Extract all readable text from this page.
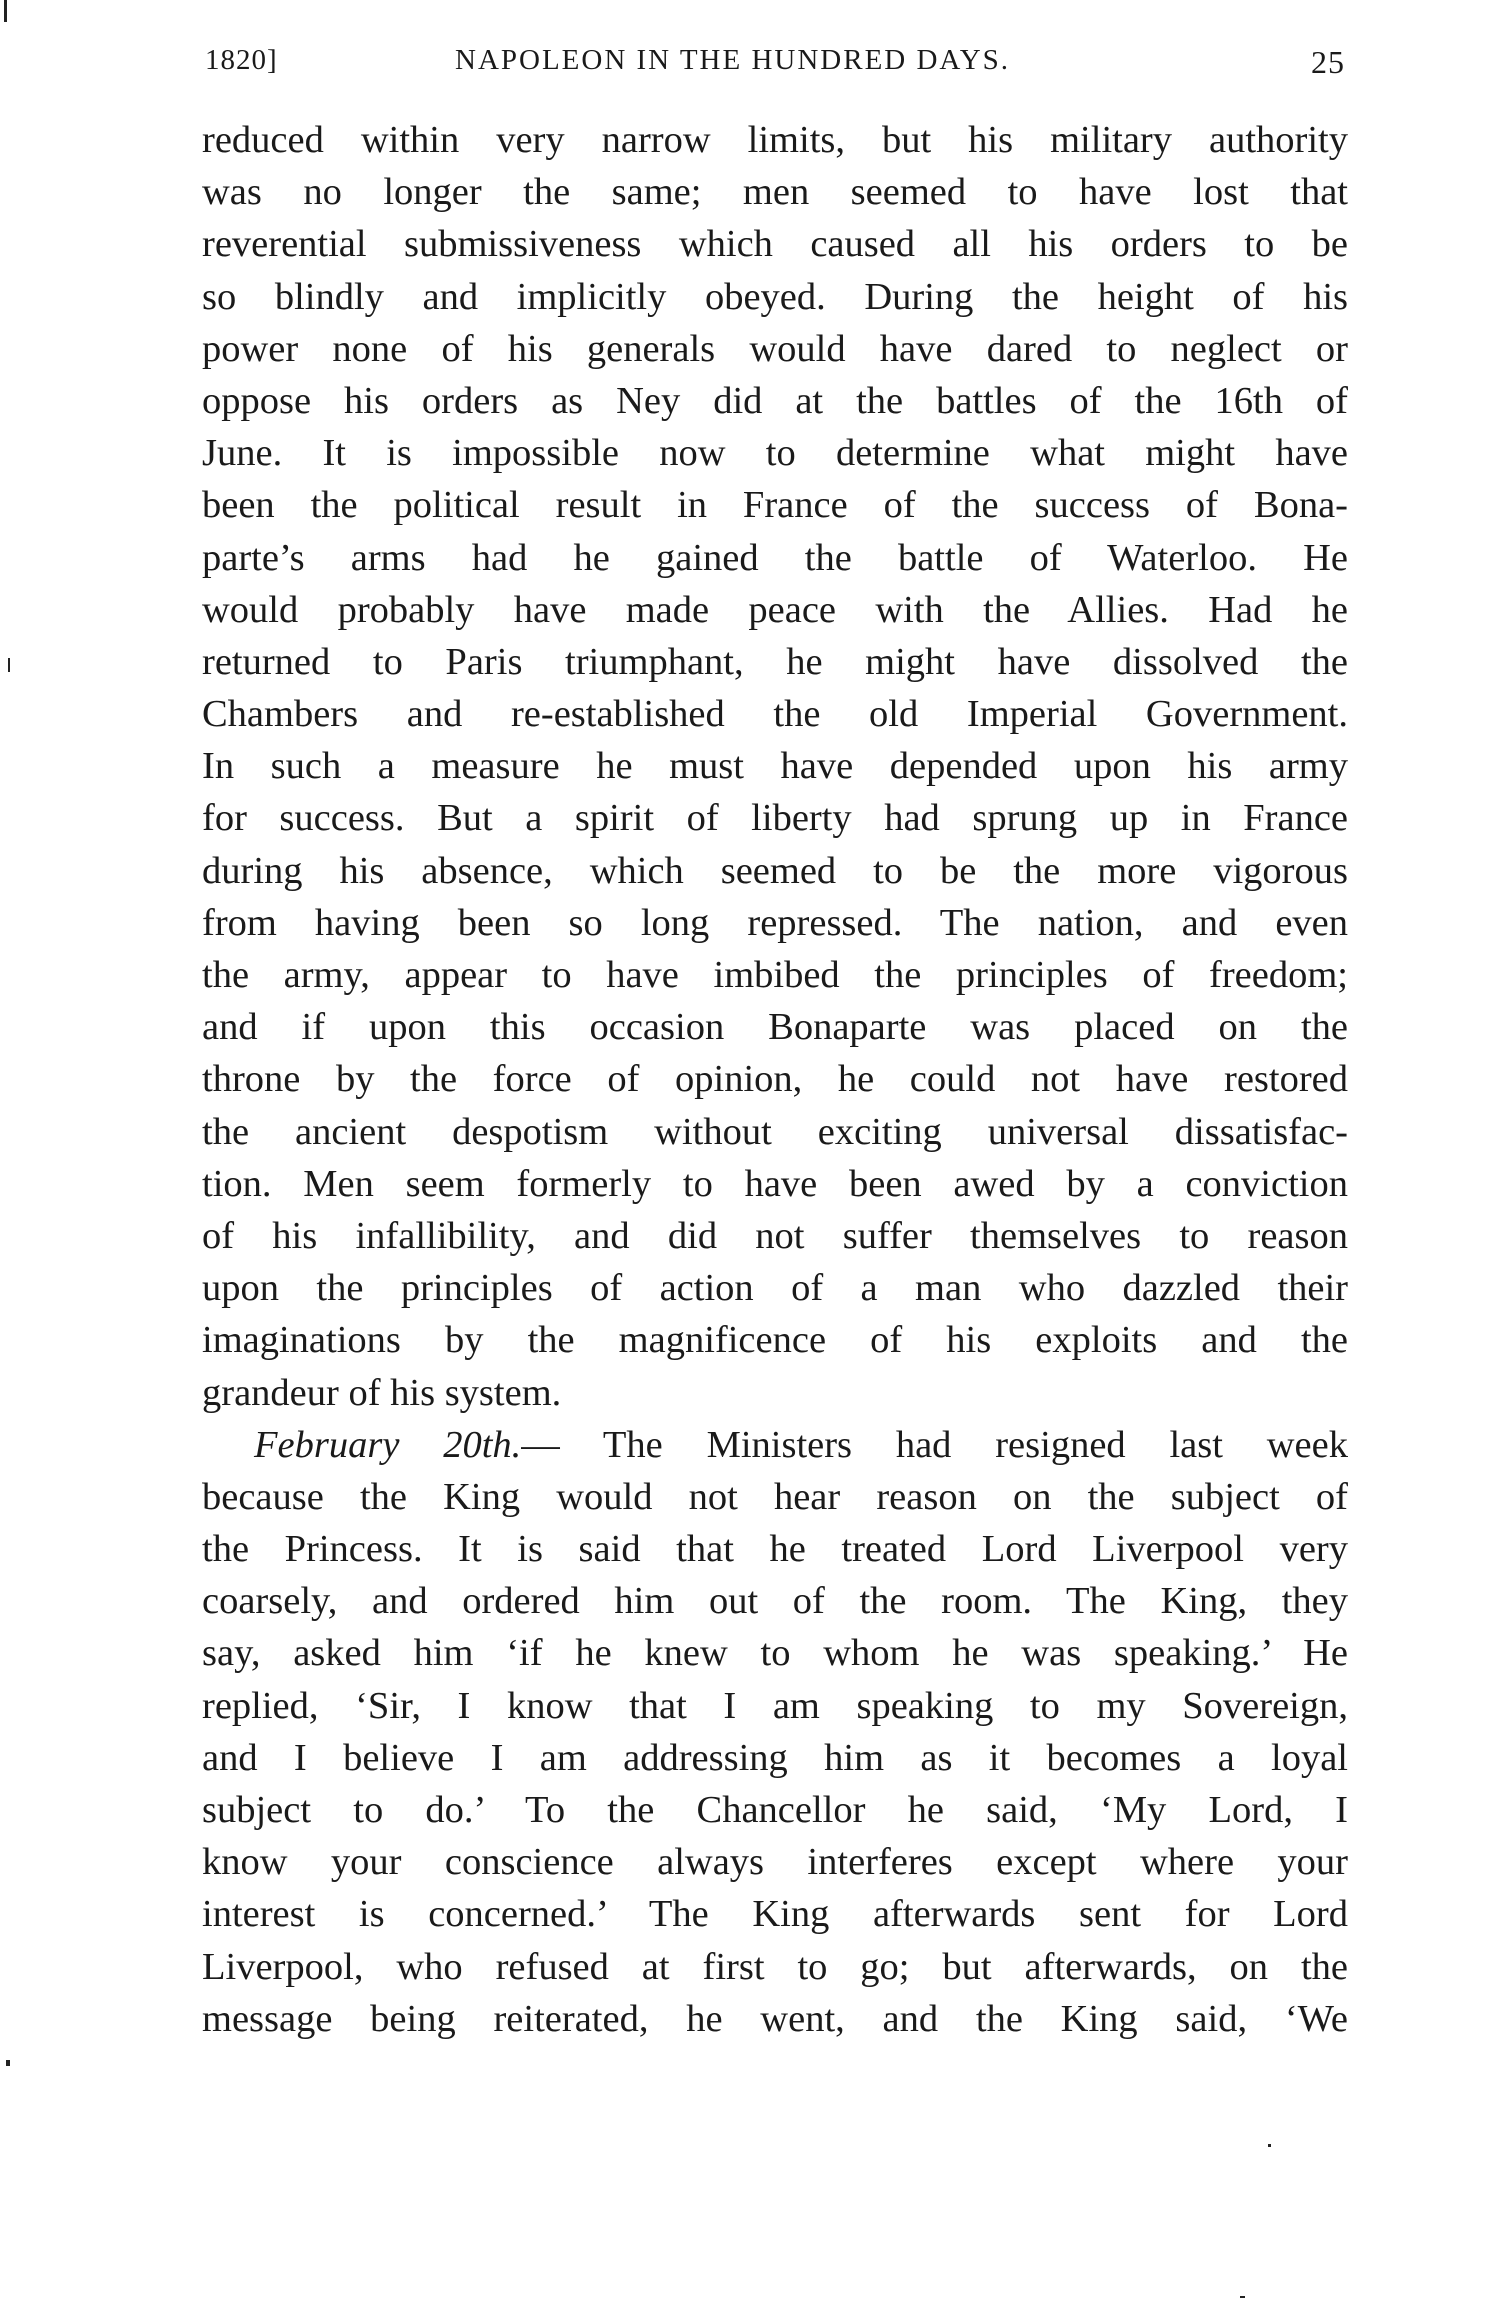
1820]	NAPOLEON IN THE HUNDRED DAYS.	25
reduced within very narrow limits, but his military authority
was no longer the same; men seemed to have lost that
reverential submissiveness which caused all his orders to be
so blindly and implicitly obeyed. During the height of his
power none of his generals would have dared to neglect or
oppose his orders as Ney did at the battles of the 16th of
June. It is impossible now to determine what might have
been the political result in France of the success of Bona-
parte’s arms had he gained the battle of Waterloo. He
would probably have made peace with the Allies. Had he
returned to Paris triumphant, he might have dissolved the
Chambers and re-established the old Imperial Government.
In such a measure he must have depended upon his army
for success. But a spirit of liberty had sprung up in France
during his absence, which seemed to be the more vigorous
from having been so long repressed. The nation, and even
the army, appear to have imbibed the principles of freedom;
and if upon this occasion Bonaparte was placed on the
throne by the force of opinion, he could not have restored
the ancient despotism without exciting universal dissatisfac-
tion. Men seem formerly to have been awed by a conviction
of his infallibility, and did not suffer themselves to reason
upon the principles of action of a man who dazzled their
imaginations by the magnificence of his exploits and the
grandeur of his system.
February 20th.— The Ministers had resigned last week
because the King would not hear reason on the subject of
the Princess. It is said that he treated Lord Liverpool very
coarsely, and ordered him out of the room. The King, they
say, asked him ‘if he knew to whom he was speaking.’ He
replied, ‘Sir, I know that I am speaking to my Sovereign,
and I believe I am addressing him as it becomes a loyal
subject to do.’ To the Chancellor he said, ‘My Lord, I
know your conscience always interferes except where your
interest is concerned.’ The King afterwards sent for Lord
Liverpool, who refused at first to go; but afterwards, on the
message being reiterated, he went, and the King said, ‘We
